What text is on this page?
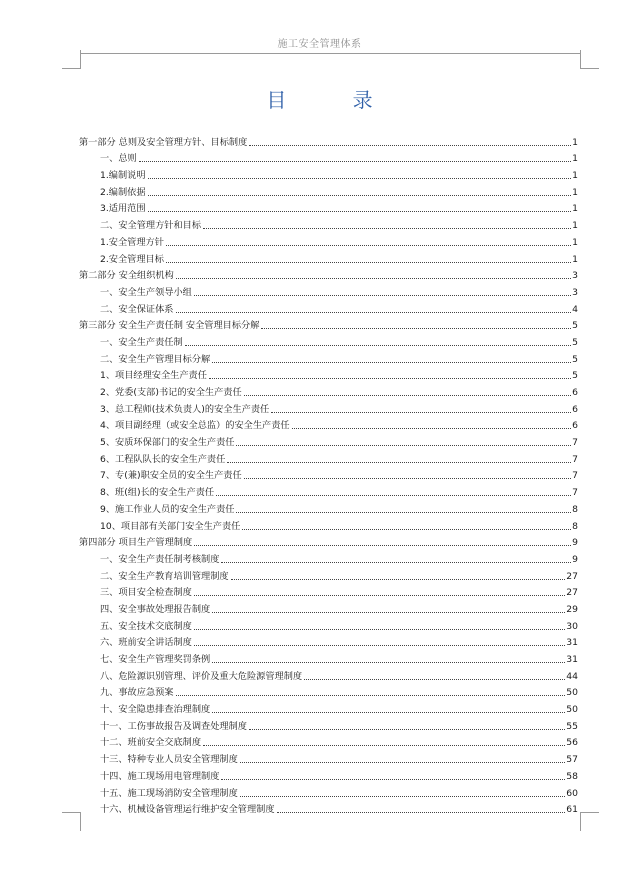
施工安全管理体系
目 录
第一部分 总则及安全管理方针、目标制度	1
一、总则	1
1.编制说明	1
2.编制依据	1
3.适用范围	1
二、安全管理方针和目标	1
1.安全管理方针	1
2.安全管理目标	1
第二部分 安全组织机构	3
一、安全生产领导小组	3
二、安全保证体系	4
第三部分 安全生产责任制 安全管理目标分解	5
一、安全生产责任制	5
二、安全生产管理目标分解	5
1、项目经理安全生产责任	5
2、党委(支部)书记的安全生产责任	6
3、总工程师(技术负责人)的安全生产责任	6
4、项目副经理（或安全总监）的安全生产责任	6
5、安质环保部门的安全生产责任	7
6、工程队队长的安全生产责任	7
7、专(兼)职安全员的安全生产责任	7
8、班(组)长的安全生产责任	7
9、施工作业人员的安全生产责任	8
10、项目部有关部门安全生产责任	8
第四部分 项目生产管理制度	9
一、安全生产责任制考核制度	9
二、安全生产教育培训管理制度	27
三、项目安全检查制度	27
四、安全事故处理报告制度	29
五、安全技术交底制度	30
六、班前安全讲话制度	31
七、安全生产管理奖罚条例	31
八、危险源识别管理、评价及重大危险源管理制度	44
九、事故应急预案	50
十、安全隐患排查治理制度	50
十一、工伤事故报告及调查处理制度	55
十二、班前安全交底制度	56
十三、特种专业人员安全管理制度	57
十四、施工现场用电管理制度	58
十五、施工现场消防安全管理制度	60
十六、机械设备管理运行维护安全管理制度	61
